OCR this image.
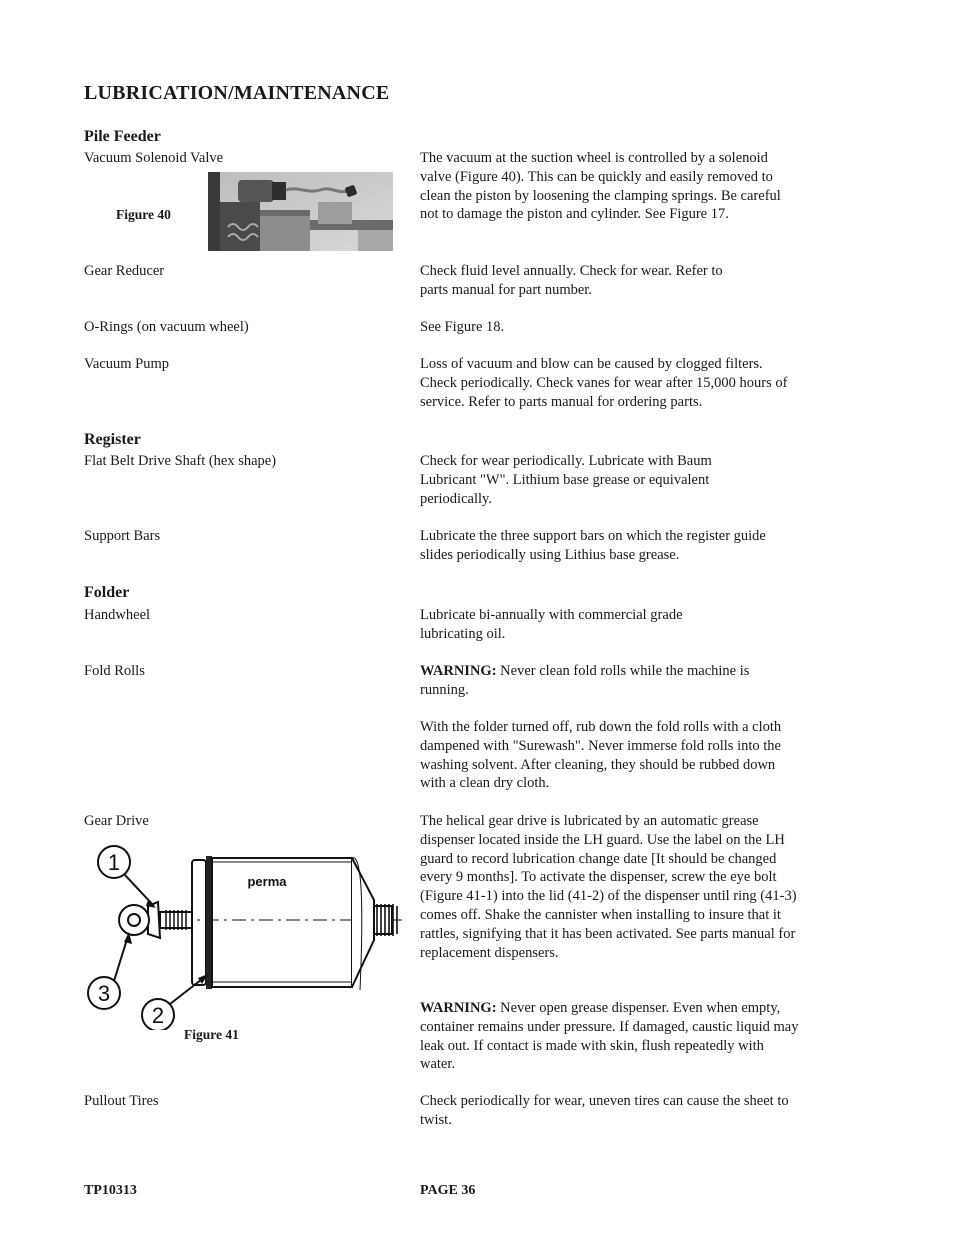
LUBRICATION/MAINTENANCE
Pile Feeder
Vacuum Solenoid Valve	The vacuum at the suction wheel is controlled by a solenoid valve (Figure 40). This can be quickly and easily removed to clean the piston by loosening the clamping springs. Be careful not to damage the piston and cylinder. See Figure 17.

Figure 40
Gear Reducer	Check fluid level annually. Check for wear. Refer to parts manual for part number.

O-Rings (on vacuum wheel)	See Figure 18.

Vacuum Pump	Loss of vacuum and blow can be caused by clogged filters. Check periodically. Check vanes for wear after 15,000 hours of service. Refer to parts manual for ordering parts.

Register
Flat Belt Drive Shaft (hex shape)	Check for wear periodically. Lubricate with Baum Lubricant "W". Lithium base grease or equivalent periodically.

Support Bars	Lubricate the three support bars on which the register guide slides periodically using Lithius base grease.

Folder
Handwheel	Lubricate bi-annually with commercial grade lubricating oil.

Fold Rolls	WARNING: Never clean fold rolls while the machine is running.

With the folder turned off, rub down the fold rolls with a cloth dampened with "Surewash". Never immerse fold rolls into the washing solvent. After cleaning, they should be rubbed down with a clean dry cloth.

Gear Drive	The helical gear drive is lubricated by an automatic grease dispenser located inside the LH guard. Use the label on the LH guard to record lubrication change date [It should be changed every 9 months]. To activate the dispenser, screw the eye bolt (Figure 41-1) into the lid (41-2) of the dispenser until ring (41-3) comes off. Shake the cannister when installing to insure that it rattles, signifying that it has been activated. See parts manual for replacement dispensers.

WARNING: Never open grease dispenser. Even when empty, container remains under pressure. If damaged, caustic liquid may leak out. If contact is made with skin, flush repeatedly with water.

perma
1
2
3
Figure 41
Pullout Tires	Check periodically for wear, uneven tires can cause the sheet to twist.

TP10313	PAGE 36
